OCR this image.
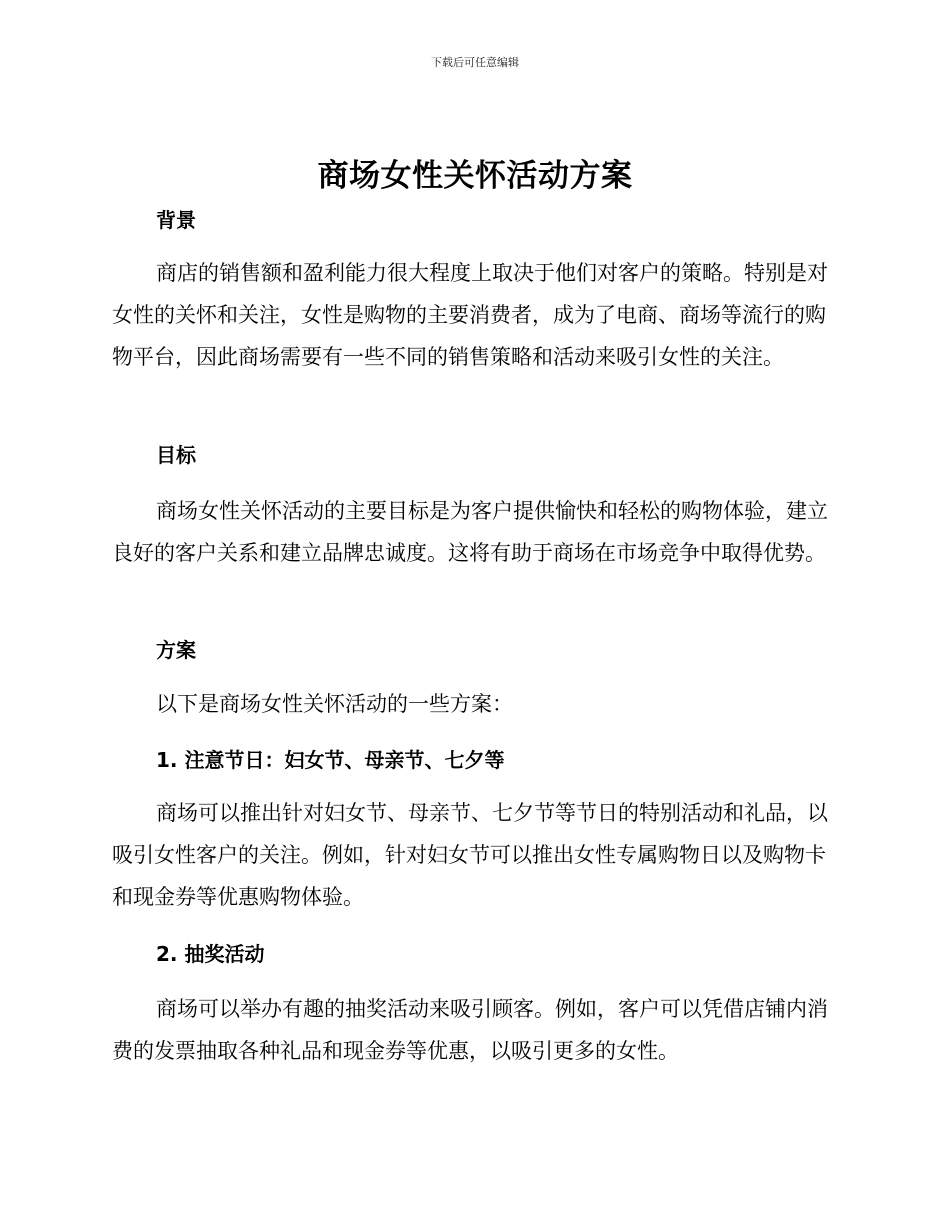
下载后可任意编辑
商场女性关怀活动方案
背景

商店的销售额和盈利能力很大程度上取决于他们对客户的策略。特别是对女性的关怀和关注，女性是购物的主要消费者，成为了电商、商场等流行的购物平台，因此商场需要有一些不同的销售策略和活动来吸引女性的关注。

目标

商场女性关怀活动的主要目标是为客户提供愉快和轻松的购物体验，建立良好的客户关系和建立品牌忠诚度。这将有助于商场在市场竞争中取得优势。

方案

以下是商场女性关怀活动的一些方案：

1. 注意节日：妇女节、母亲节、七夕等

商场可以推出针对妇女节、母亲节、七夕节等节日的特别活动和礼品，以吸引女性客户的关注。例如，针对妇女节可以推出女性专属购物日以及购物卡和现金券等优惠购物体验。

2. 抽奖活动

商场可以举办有趣的抽奖活动来吸引顾客。例如，客户可以凭借店铺内消费的发票抽取各种礼品和现金券等优惠，以吸引更多的女性。
